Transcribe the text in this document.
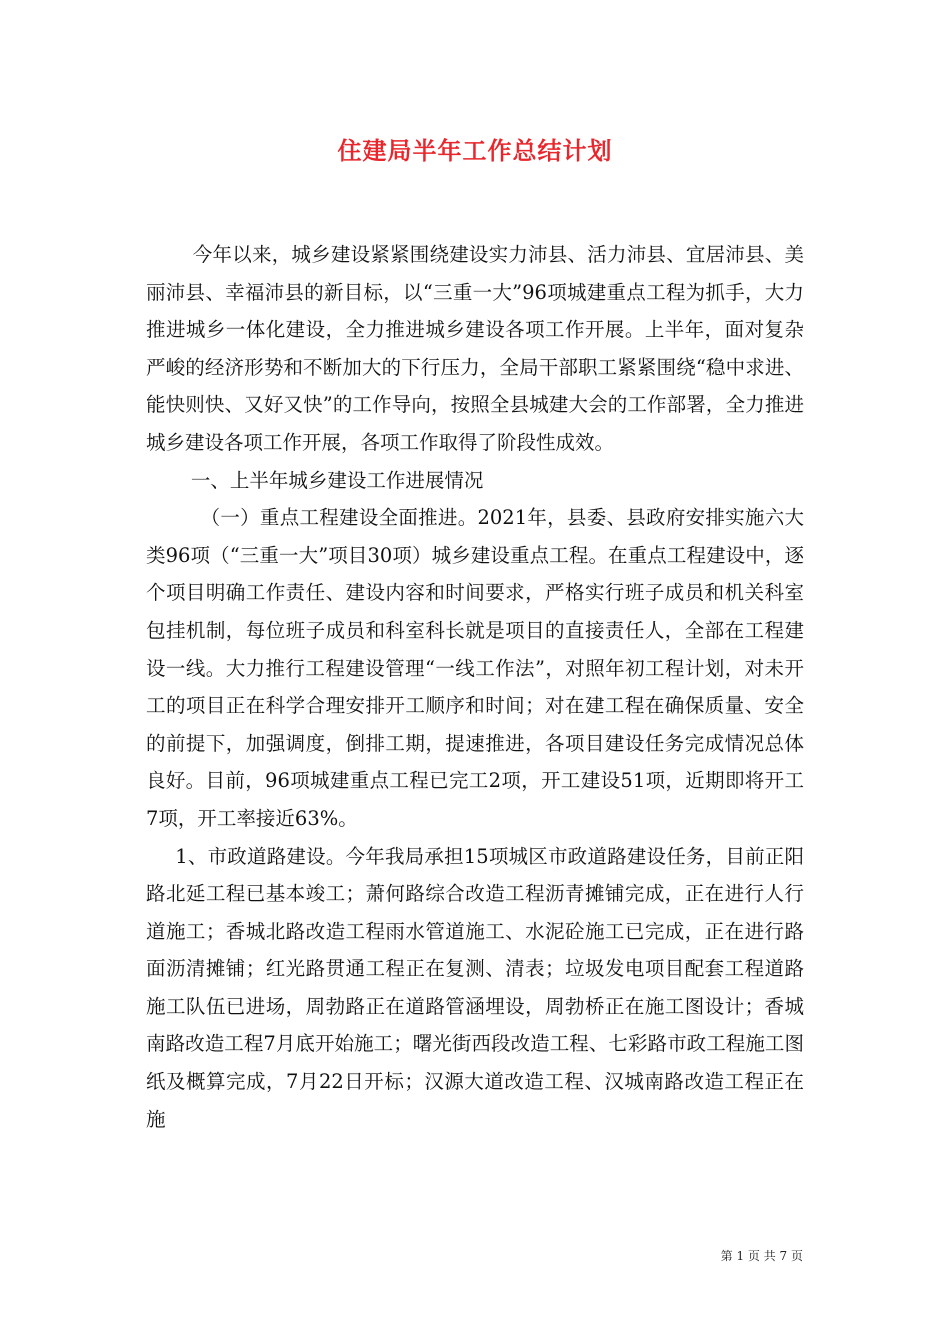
住建局半年工作总结计划

今年以来，城乡建设紧紧围绕建设实力沛县、活力沛县、宜居沛县、美丽沛县、幸福沛县的新目标，以“三重一大”96项城建重点工程为抓手，大力推进城乡一体化建设，全力推进城乡建设各项工作开展。上半年，面对复杂严峻的经济形势和不断加大的下行压力，全局干部职工紧紧围绕“稳中求进、能快则快、又好又快”的工作导向，按照全县城建大会的工作部署，全力推进城乡建设各项工作开展，各项工作取得了阶段性成效。

一、上半年城乡建设工作进展情况

（一）重点工程建设全面推进。2021年，县委、县政府安排实施六大类96项（“三重一大”项目30项）城乡建设重点工程。在重点工程建设中，逐个项目明确工作责任、建设内容和时间要求，严格实行班子成员和机关科室包挂机制，每位班子成员和科室科长就是项目的直接责任人，全部在工程建设一线。大力推行工程建设管理“一线工作法”，对照年初工程计划，对未开工的项目正在科学合理安排开工顺序和时间；对在建工程在确保质量、安全的前提下，加强调度，倒排工期，提速推进，各项目建设任务完成情况总体良好。目前，96项城建重点工程已完工2项，开工建设51项，近期即将开工7项，开工率接近63%。

1、市政道路建设。今年我局承担15项城区市政道路建设任务，目前正阳路北延工程已基本竣工；萧何路综合改造工程沥青摊铺完成，正在进行人行道施工；香城北路改造工程雨水管道施工、水泥砼施工已完成，正在进行路面沥清摊铺；红光路贯通工程正在复测、清表；垃圾发电项目配套工程道路施工队伍已进场，周勃路正在道路管涵埋设，周勃桥正在施工图设计；香城南路改造工程7月底开始施工；曙光街西段改造工程、七彩路市政工程施工图纸及概算完成，7月22日开标；汉源大道改造工程、汉城南路改造工程正在施

第 1 页 共 7 页
